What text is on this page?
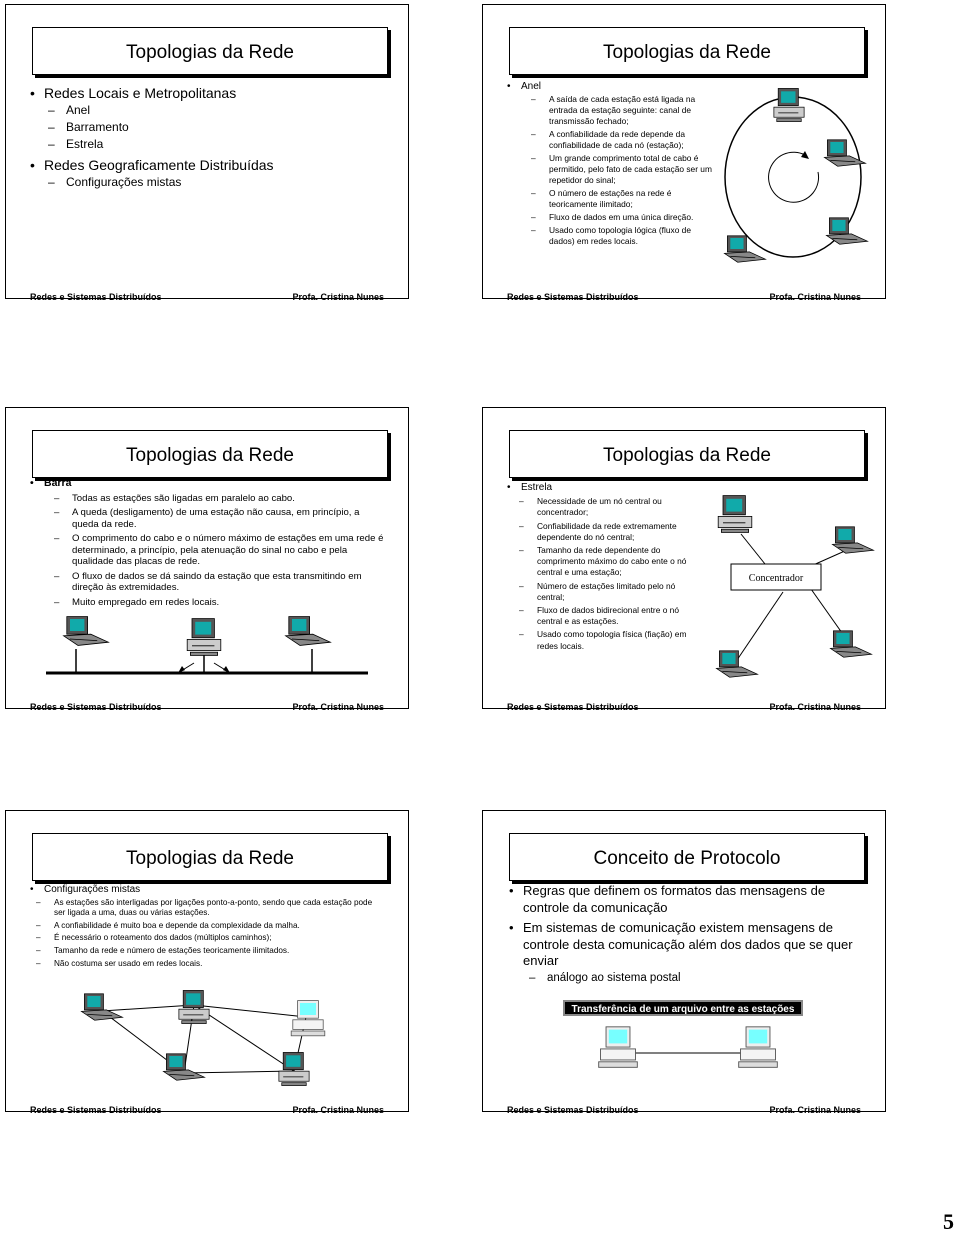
Topologias da Rede
• Redes Locais e Metropolitanas
– Anel
– Barramento
– Estrela
• Redes Geograficamente Distribuídas
– Configurações mistas
Redes e Sistemas Distribuídos	Profa. Cristina Nunes
Topologias da Rede
• Anel
– A saída de cada estação está ligada na entrada da estação seguinte: canal de transmissão fechado;
– A confiabilidade da rede depende da confiabilidade de cada nó (estação);
– Um grande comprimento total de cabo é permitido, pelo fato de cada estação ser um repetidor do sinal;
– O número de estações na rede é teoricamente ilimitado;
– Fluxo de dados em uma única direção.
– Usado como topologia lógica (fluxo de dados) em redes locais.
Redes e Sistemas Distribuídos	Profa. Cristina Nunes
Topologias da Rede
• Barra
– Todas as estações são ligadas em paralelo ao cabo.
– A queda (desligamento) de uma estação não causa, em princípio, a queda da rede.
– O comprimento do cabo e o número máximo de estações em uma rede é determinado, a princípio, pela atenuação do sinal no cabo e pela qualidade das placas de rede.
– O fluxo de dados se dá saindo da estação que esta transmitindo em direção às extremidades.
– Muito empregado em redes locais.
Redes e Sistemas Distribuídos	Profa. Cristina Nunes
Topologias da Rede
• Estrela
– Necessidade de um nó central ou concentrador;
– Confiabilidade da rede extremamente dependente do nó central;
– Tamanho da rede dependente do comprimento máximo do cabo ente o nó central e uma estação;
– Número de estações limitado pelo nó central;
– Fluxo de dados bidirecional entre o nó central e as estações.
– Usado como topologia física (fiação) em redes locais.
Concentrador
Redes e Sistemas Distribuídos	Profa. Cristina Nunes
Topologias da Rede
• Configurações mistas
– As estações são interligadas por ligações ponto-a-ponto, sendo que cada estação pode ser ligada a uma, duas ou várias estações.
– A confiabilidade é muito boa e depende da complexidade da malha.
– É necessário o roteamento dos dados (múltiplos caminhos);
– Tamanho da rede e número de estações teoricamente ilimitados.
– Não costuma ser usado em redes locais.
Redes e Sistemas Distribuídos	Profa. Cristina Nunes
Conceito de Protocolo
• Regras que definem os formatos das mensagens de controle da comunicação
• Em sistemas de comunicação existem mensagens de controle desta comunicação além dos dados que se quer enviar
– análogo ao sistema postal
Transferência de um arquivo entre as estações
Redes e Sistemas Distribuídos	Profa. Cristina Nunes
5
